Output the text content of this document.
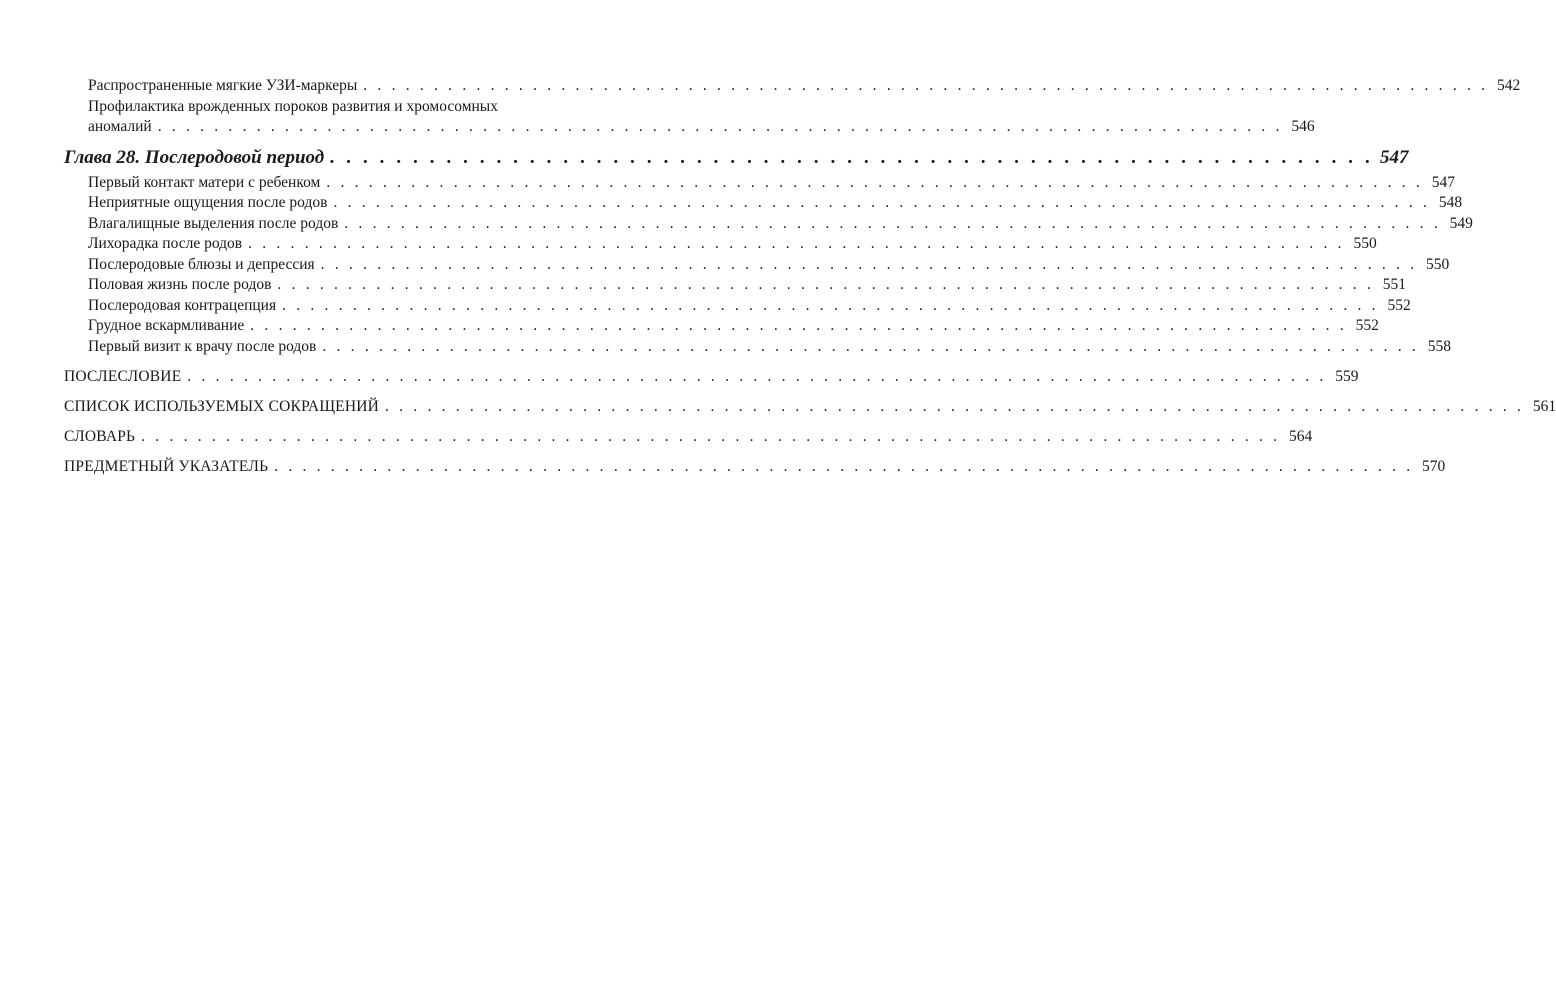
Распространенные мягкие УЗИ-маркеры . . . . . . . . . . . . . . . . . . . . . . . . . . . . . . . . . . . . . . . . . . . . . . . . . . . . . . . . . . . . . . . . . . . . . . . . . . . . . . . . 542
Профилактика врожденных пороков развития и хромосомных
аномалий . . . . . . . . . . . . . . . . . . . . . . . . . . . . . . . . . . . . . . . . . . . . . . . . . . . . . . . . . . . . . . . . . . . . . . . . . . . . . . . . 546
Глава 28. Послеродовой период . . . . . . . . . . . . . . . . . . . . . . . . . . . . . . . . . . . . . . . . . . . . . . . . . . . . . . . . . . . . . . . 547
Первый контакт матери с ребенком . . . . . . . . . . . . . . . . . . . . . . . . . . . . . . . . . . . . . . . . . . . . . . . . . . . . . . . . . . . . . . . . . . . . . . . . . . . . . . 547
Неприятные ощущения после родов . . . . . . . . . . . . . . . . . . . . . . . . . . . . . . . . . . . . . . . . . . . . . . . . . . . . . . . . . . . . . . . . . . . . . . . . . . . . . . 548
Влагалищные выделения после родов . . . . . . . . . . . . . . . . . . . . . . . . . . . . . . . . . . . . . . . . . . . . . . . . . . . . . . . . . . . . . . . . . . . . . . . . . . . . . . 549
Лихорадка после родов . . . . . . . . . . . . . . . . . . . . . . . . . . . . . . . . . . . . . . . . . . . . . . . . . . . . . . . . . . . . . . . . . . . . . . . . . . . . . . 550
Послеродовые блюзы и депрессия . . . . . . . . . . . . . . . . . . . . . . . . . . . . . . . . . . . . . . . . . . . . . . . . . . . . . . . . . . . . . . . . . . . . . . . . . . . . . . 550
Половая жизнь после родов . . . . . . . . . . . . . . . . . . . . . . . . . . . . . . . . . . . . . . . . . . . . . . . . . . . . . . . . . . . . . . . . . . . . . . . . . . . . . . 551
Послеродовая контрацепция . . . . . . . . . . . . . . . . . . . . . . . . . . . . . . . . . . . . . . . . . . . . . . . . . . . . . . . . . . . . . . . . . . . . . . . . . . . . . . 552
Грудное вскармливание . . . . . . . . . . . . . . . . . . . . . . . . . . . . . . . . . . . . . . . . . . . . . . . . . . . . . . . . . . . . . . . . . . . . . . . . . . . . . . 552
Первый визит к врачу после родов . . . . . . . . . . . . . . . . . . . . . . . . . . . . . . . . . . . . . . . . . . . . . . . . . . . . . . . . . . . . . . . . . . . . . . . . . . . . . . 558
ПОСЛЕСЛОВИЕ . . . . . . . . . . . . . . . . . . . . . . . . . . . . . . . . . . . . . . . . . . . . . . . . . . . . . . . . . . . . . . . . . . . . . . . . . . . . . . . . . 559
СПИСОК ИСПОЛЬЗУЕМЫХ СОКРАЩЕНИЙ . . . . . . . . . . . . . . . . . . . . . . . . . . . . . . . . . . . . . . . . . . . . . . . . . . . . . . . . . . . . . . . . . . . . . . . . . . . . . . . . . 561
СЛОВАРЬ . . . . . . . . . . . . . . . . . . . . . . . . . . . . . . . . . . . . . . . . . . . . . . . . . . . . . . . . . . . . . . . . . . . . . . . . . . . . . . . . . 564
ПРЕДМЕТНЫЙ УКАЗАТЕЛЬ . . . . . . . . . . . . . . . . . . . . . . . . . . . . . . . . . . . . . . . . . . . . . . . . . . . . . . . . . . . . . . . . . . . . . . . . . . . . . . . . . 570
